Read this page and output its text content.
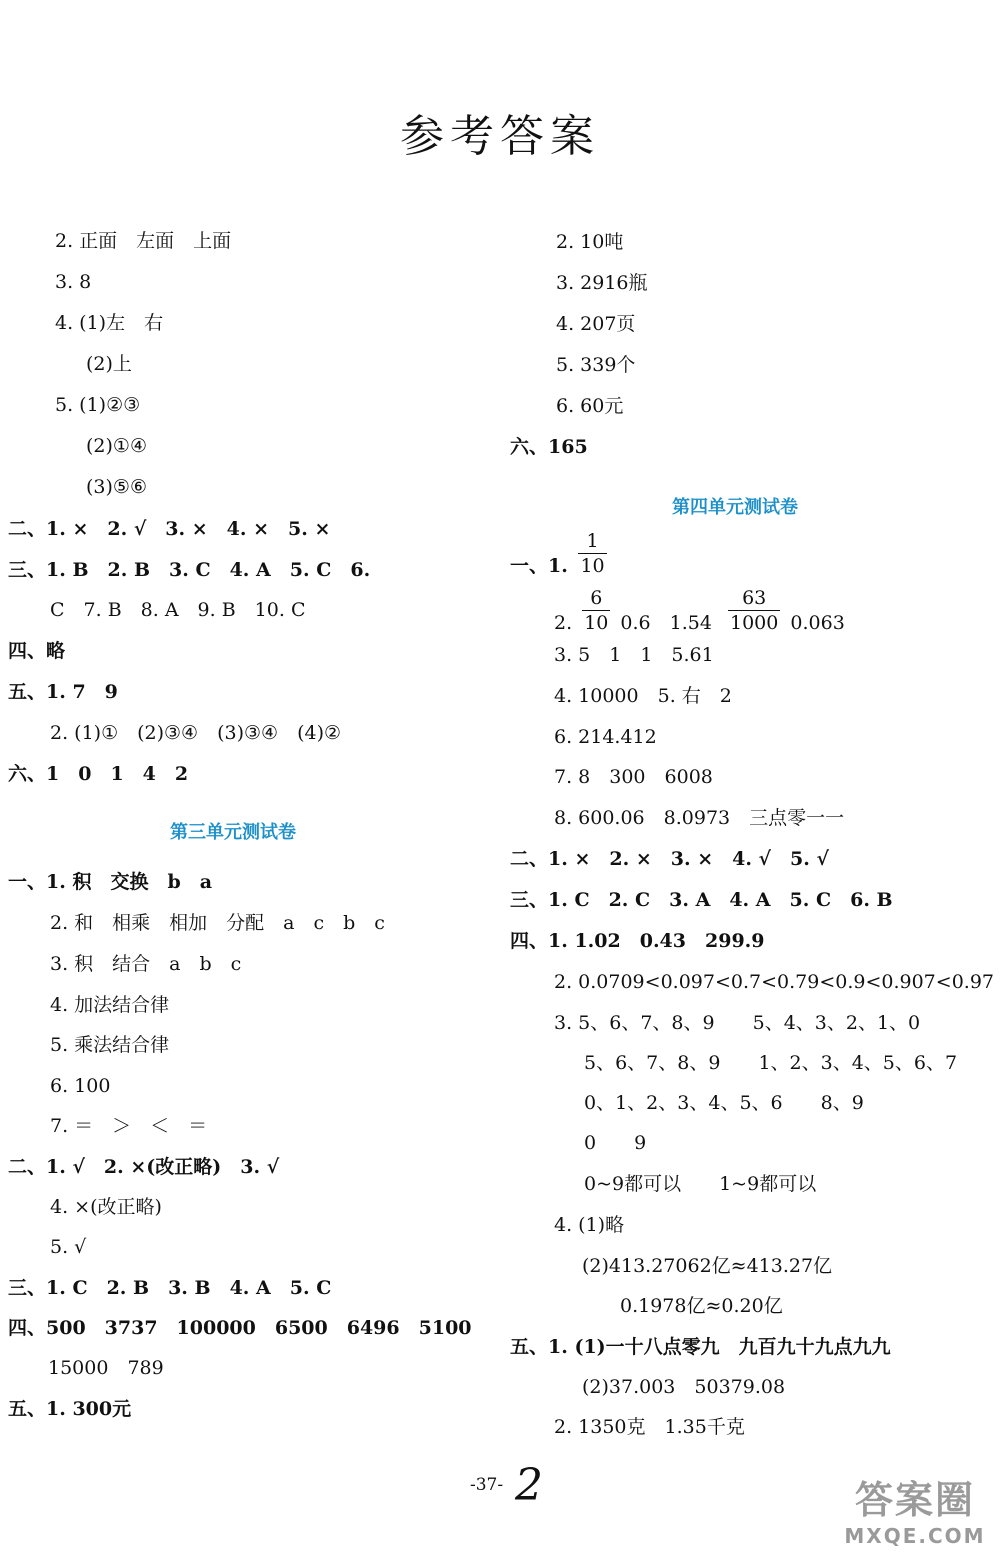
参考答案
2. 正面　左面　上面
3. 8
4. (1)左　右
(2)上
5. (1)②③
(2)①④
(3)⑤⑥
二、1. ×　2. √　3. ×　4. ×　5. ×
三、1. B　2. B　3. C　4. A　5. C　6.
C　7. B　8. A　9. B　10. C
四、略
五、1. 7　9
2. (1)①　(2)③④　(3)③④　(4)②
六、1　0　1　4　2
第三单元测试卷
一、1. 积　交换　b　a
2. 和　相乘　相加　分配　a　c　b　c
3. 积　结合　a　b　c
4. 加法结合律
5. 乘法结合律
6. 100
7. ＝　＞　＜　＝
二、1. √　2. ×(改正略)　3. √
4. ×(改正略)
5. √
三、1. C　2. B　3. B　4. A　5. C
四、500　3737　100000　6500　6496　5100
15000　789
五、1. 300元
2. 10吨
3. 2916瓶
4. 207页
5. 339个
6. 60元
六、165
第四单元测试卷
一、1. $\frac{1}{10}$
2. $\frac{6}{10} 0.6$　$1.54 \frac{63}{1000} 0.063$
3. 5　1　1　5.61
4. 10000　5. 右　2
6. 214.412
7. 8　300　6008
8. 600.06　8.0973　三点零一一
二、1. ×　2. ×　3. ×　4. √　5. √
三、1. C　2. C　3. A　4. A　5. C　6. B
四、1. 1.02　0.43　299.9
2. 0.0709<0.097<0.7<0.79<0.9<0.907<0.97
3. 5、6、7、8、9　　5、4、3、2、1、0
5、6、7、8、9　　1、2、3、4、5、6、7
0、1、2、3、4、5、6　　8、9
0　　9
0~9都可以　　1~9都可以
4. (1)略
(2)413.27062亿≈413.27亿
0.1978亿≈0.20亿
五、1. (1)一十八点零九　九百九十九点九九
(2)37.003　50379.08
2. 1350克　1.35千克
-37- 2	答案圈
MXQE.COM
